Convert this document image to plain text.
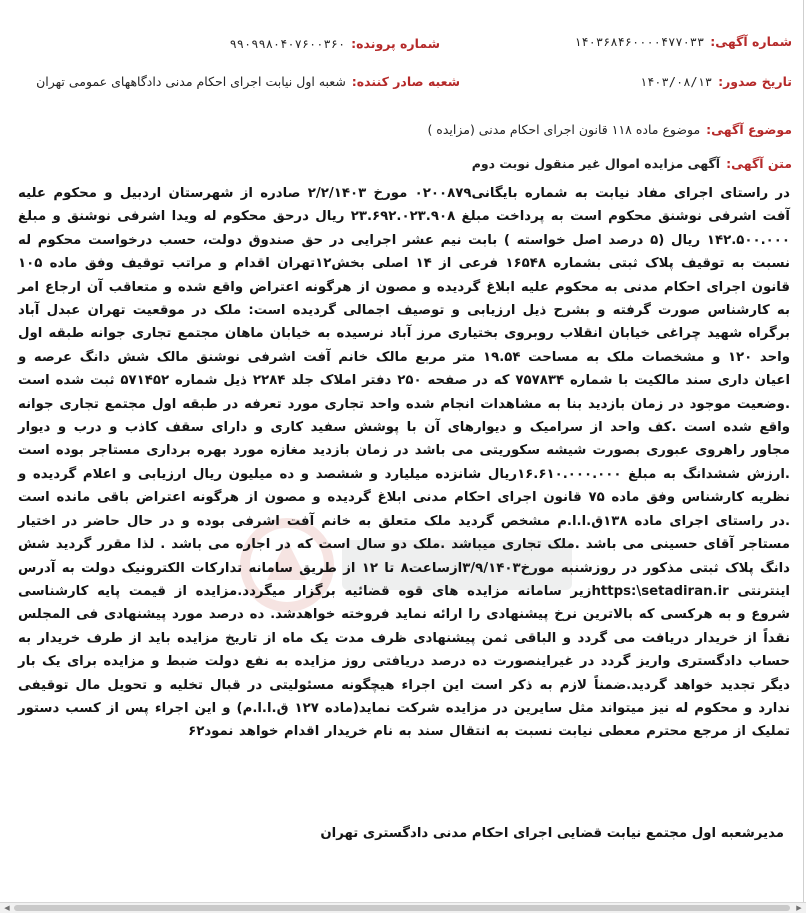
شماره آگهی:
۱۴۰۳۶۸۴۶۰۰۰۰۴۷۷۰۳۳
شماره پرونده:
۹۹۰۹۹۸۰۴۰۷۶۰۰۳۶۰
تاریخ صدور:
۱۴۰۳/۰۸/۱۳
شعبه صادر کننده:
شعبه اول نیابت اجرای احکام مدنی دادگاههای عمومی تهران
موضوع آگهی:
موضوع ماده ۱۱۸ قانون اجرای احکام مدنی (مزایده )
متن آگهی:
آگهی مزایده اموال غیر منقول نوبت دوم
در راستای اجرای مفاد نیابت به شماره بایگانی۰۲۰۰۸۷۹ مورخ ۲/۲/۱۴۰۳ صادره از شهرستان اردبیل و محکوم علیه آفت اشرفی نوشنق محکوم است به پرداخت مبلغ ۲۳.۶۹۲.۰۲۳.۹۰۸ ریال درحق محکوم له ویدا اشرفی نوشنق و مبلغ ۱۴۲.۵۰۰.۰۰۰ ریال (۵ درصد اصل خواسته ) بابت نیم عشر اجرایی در حق صندوق دولت، حسب درخواست محکوم له نسبت به توقیف پلاک ثبتی بشماره ۱۶۵۴۸ فرعی از ۱۴ اصلی بخش۱۲تهران اقدام و مراتب توقیف وفق ماده ۱۰۵ قانون اجرای احکام مدنی به محکوم علیه ابلاغ گردیده و مصون از هرگونه اعتراض واقع شده و متعاقب آن ارجاع امر به کارشناس صورت گرفته و بشرح ذیل ارزیابی و توصیف اجمالی گردیده است: ملک در موقعیت تهران عبدل آباد برگراه شهید چراغی خیابان انقلاب روبروی بختیاری مرز آباد نرسیده به خیابان ماهان مجتمع تجاری جوانه طبقه اول واحد ۱۲۰ و مشخصات ملک به مساحت ۱۹.۵۴ متر مربع مالک خانم آفت اشرفی نوشنق مالک شش دانگ عرصه و اعیان داری سند مالکیت با شماره ۷۵۷۸۳۴ که در صفحه ۲۵۰ دفتر املاک جلد ۲۲۸۴ ذیل شماره ۵۷۱۴۵۲ ثبت شده است .وضعیت موجود در زمان بازدید بنا به مشاهدات انجام شده واحد تجاری مورد تعرفه در طبقه اول مجتمع تجاری جوانه واقع شده است .کف واحد از سرامیک و دیوارهای آن با پوشش سفید کاری و دارای سقف کاذب و درب و دیوار مجاور راهروی عبوری بصورت شیشه سکوریتی می باشد در زمان بازدید مغازه مورد بهره برداری مستاجر بوده است .ارزش ششدانگ به مبلغ ۱۶.۶۱۰.۰۰۰.۰۰۰ریال شانزده میلیارد و ششصد و ده میلیون ریال ارزیابی و اعلام گردیده و نظریه کارشناس وفق ماده ۷۵ قانون اجرای احکام مدنی ابلاغ گردیده و مصون از هرگونه اعتراض باقی مانده است .در راستای اجرای ماده ۱۳۸ق.ا.ا.م مشخص گردید ملک متعلق به خانم آفت اشرفی بوده و در حال حاضر در اختیار مستاجر آقای حسینی می باشد .ملک تجاری میباشد .ملک دو سال است که در اجاره می باشد . لذا مقرر گردید شش دانگ پلاک ثبتی مذکور در روزشنبه مورخ۳/۹/۱۴۰۳ازساعت۸ تا ۱۲ از طریق سامانه تدارکات الکترونیک دولت به آدرس اینترنتی https:\setadiran.irزیر سامانه مزایده های قوه قضائیه برگزار میگردد.مزایده از قیمت پایه کارشناسی شروع و به هرکسی که بالاترین نرخ پیشنهادی را ارائه نماید فروخته خواهدشد. ده درصد مورد پیشنهادی فی المجلس نقداً از خریدار دریافت می گردد و الباقی ثمن پیشنهادی ظرف مدت یک ماه از تاریخ مزایده باید از طرف خریدار به حساب دادگستری واریز گردد در غیراینصورت ده درصد دریافتی روز مزایده به نفع دولت ضبط و مزایده برای یک بار دیگر تجدید خواهد گردید.ضمناً لازم به ذکر است این اجراء هیچگونه مسئولیتی در قبال تخلیه و تحویل مال توقیفی ندارد و محکوم له نیز میتواند مثل سایرین در مزایده شرکت نماید(ماده ۱۲۷ ق.ا.ا.م) و این اجراء پس از کسب دستور تملیک از مرجع محترم معطی نیابت نسبت به انتقال سند به نام خریدار اقدام خواهد نمود۶۲
مدیرشعبه اول مجتمع نیابت قضایی اجرای احکام مدنی دادگستری تهران
◀	▶
